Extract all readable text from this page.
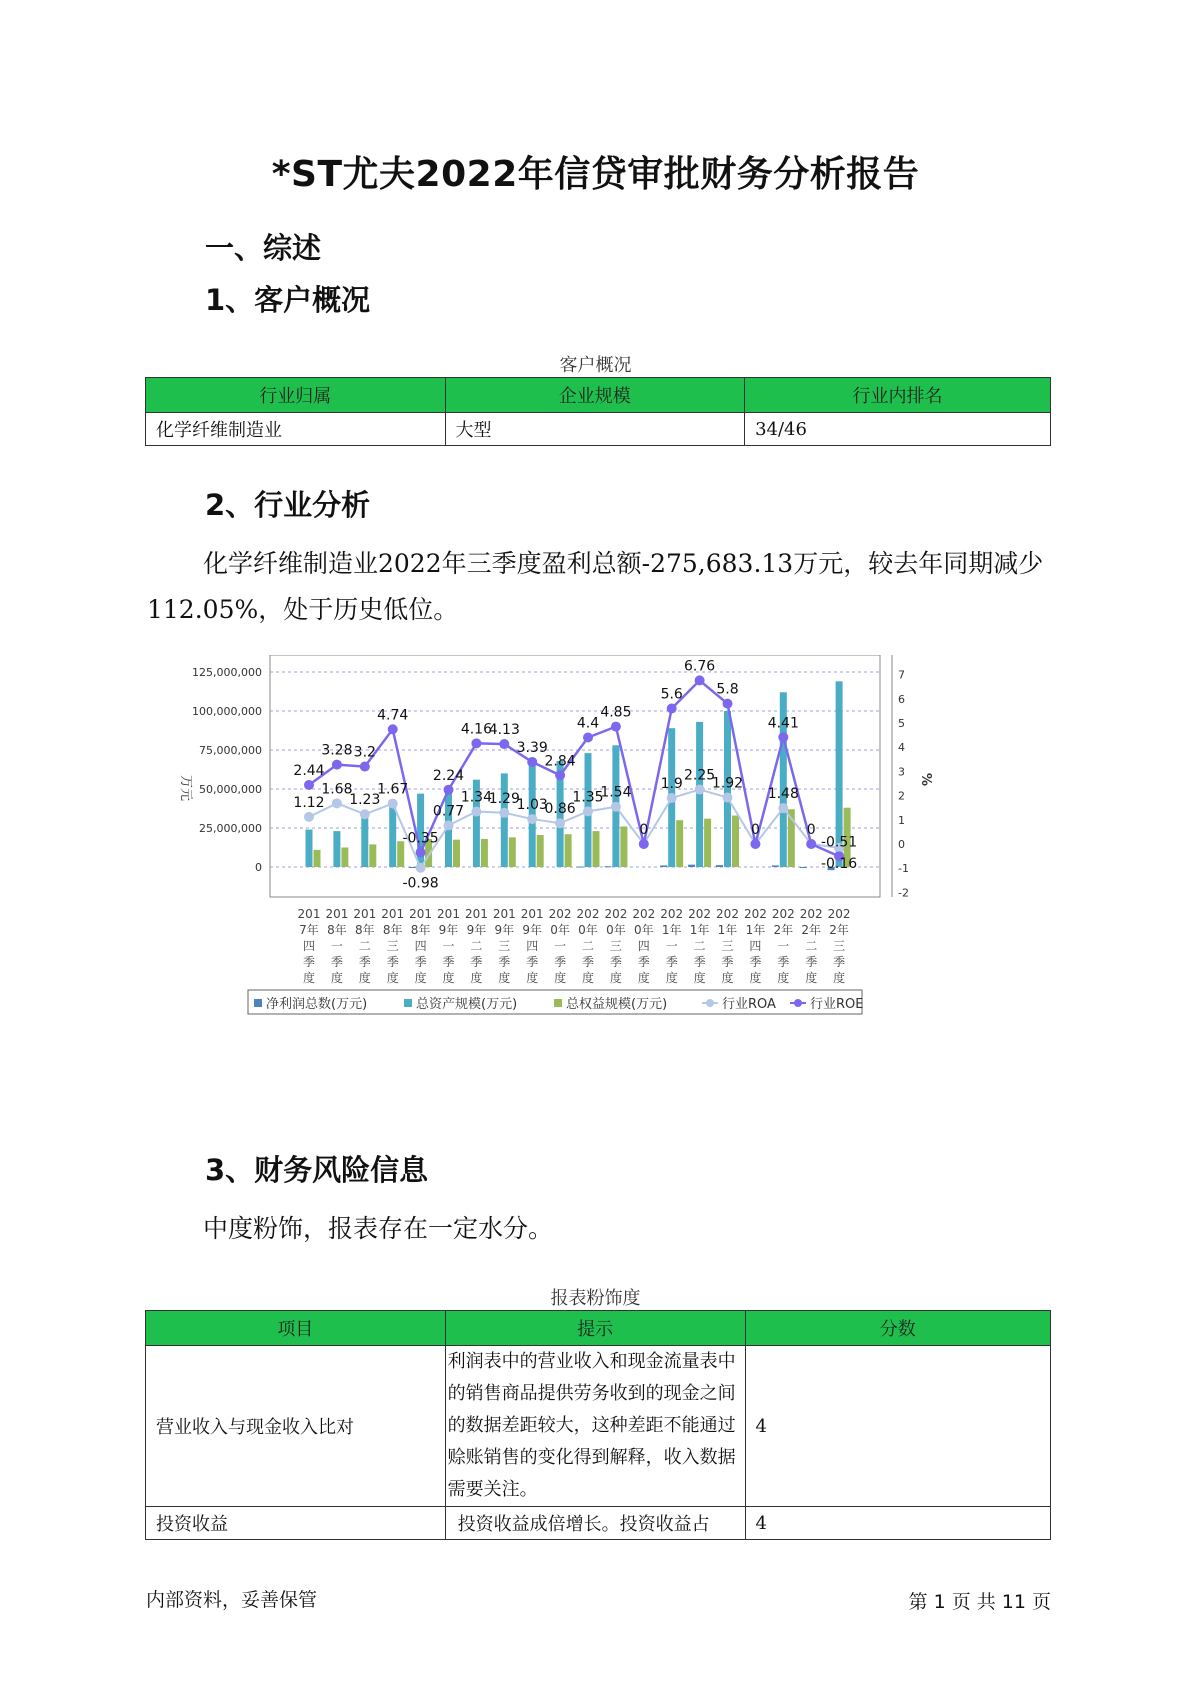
*ST尤夫2022年信贷审批财务分析报告
一、综述
1、客户概况
客户概况
行业归属	企业规模	行业内排名
化学纤维制造业	大型	34/46
2、行业分析
化学纤维制造业2022年三季度盈利总额-275,683.13万元，较去年同期减少112.05%，处于历史低位。
125,000,000
100,000,000
75,000,000
50,000,000
25,000,000
0
7
6
5
4
3
2
1
0
-1
-2
万元	%
2.44
3.28 3.2
4.74
-0.35
2.24
4.16
4.13
3.39
2.84
4.4
4.85
0
5.6
6.76
5.8
0
4.41
0
-0.51
1.12
1.68
1.23
1.67
-0.98
0.77
1.34
1.29
1.03
0.86
1.35
1.54
1.9
2.25
1.92
1.48
-0.16
201
7年
四
季
度
201
8年
一
季
度
201
8年
二
季
度
201
8年
三
季
度
201
8年
四
季
度
201
9年
一
季
度
201
9年
二
季
度
201
9年
三
季
度
201
9年
四
季
度
202
0年
一
季
度
202
0年
二
季
度
202
0年
三
季
度
202
0年
四
季
度
202
1年
一
季
度
202
1年
二
季
度
202
1年
三
季
度
202
1年
四
季
度
202
2年
一
季
度
202
2年
二
季
度
202
2年
三
季
度
净利润总数(万元)	总资产规模(万元)	总权益规模(万元)	行业ROA	行业ROE
3、财务风险信息
中度粉饰，报表存在一定水分。
报表粉饰度
项目	提示	分数
营业收入与现金收入比对	利润表中的营业收入和现金流量表中的销售商品提供劳务收到的现金之间的数据差距较大，这种差距不能通过赊账销售的变化得到解释，收入数据需要关注。	4
投资收益	投资收益成倍增长。投资收益占	4
内部资料，妥善保管	第 1 页 共 11 页
